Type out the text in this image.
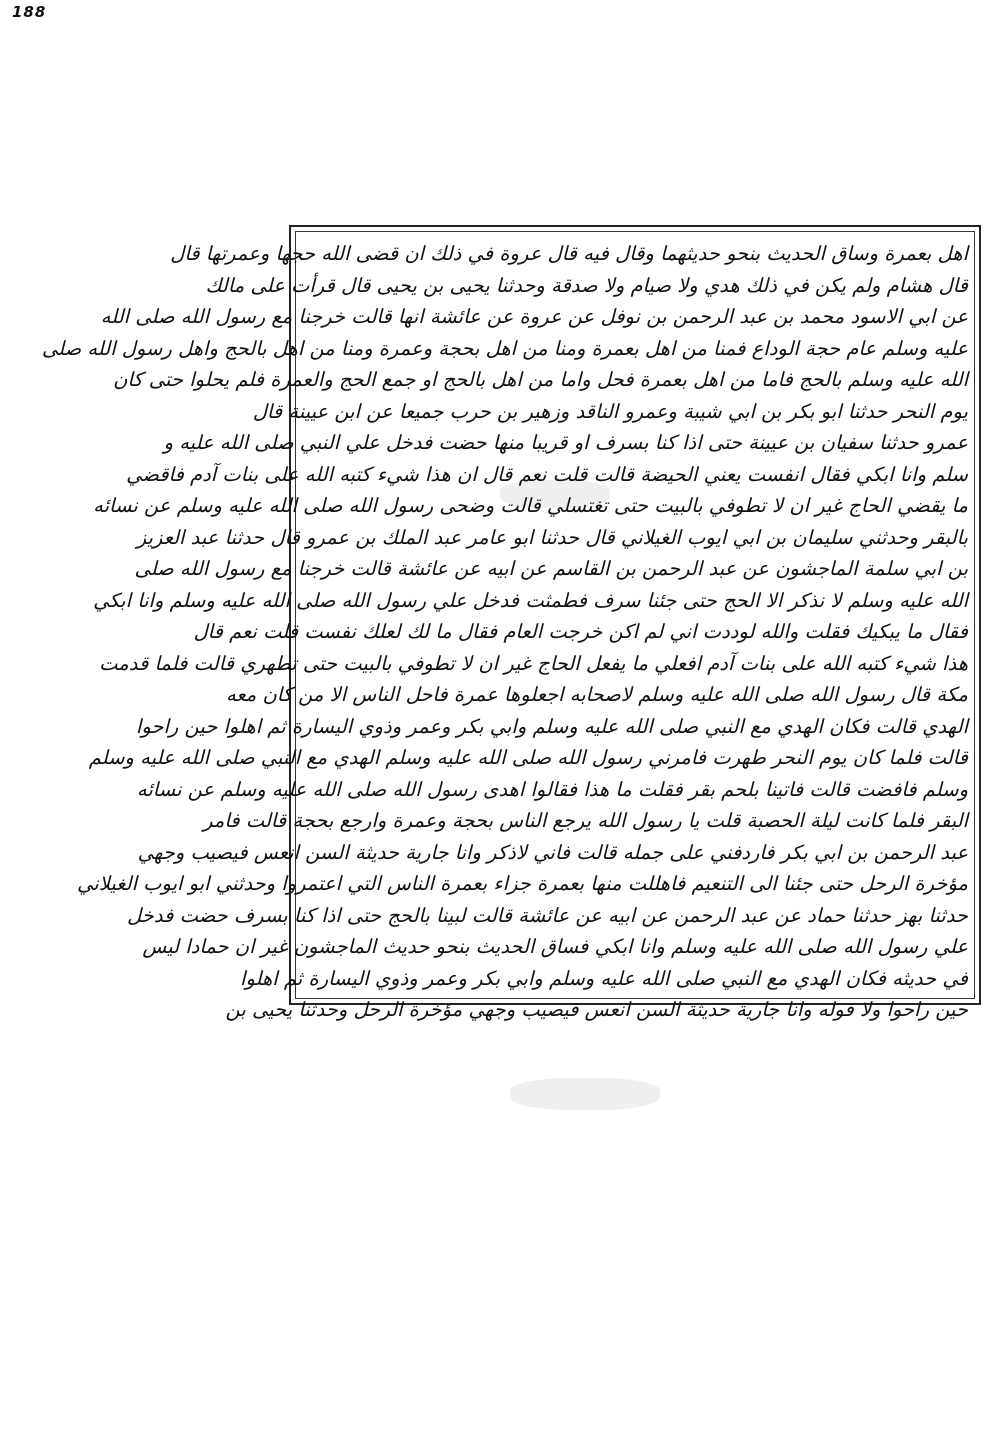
188
اهل بعمرة وساق الحديث بنحو حديثهما وقال فيه قال عروة في ذلك ان قضى الله حجها وعمرتها قال
قال هشام ولم يكن في ذلك هدي ولا صيام ولا صدقة وحدثنا يحيى بن يحيى قال قرأت على مالك
عن ابي الاسود محمد بن عبد الرحمن بن نوفل عن عروة عن عائشة انها قالت خرجنا مع رسول الله صلى الله
عليه وسلم عام حجة الوداع فمنا من اهل بعمرة ومنا من اهل بحجة وعمرة ومنا من اهل بالحج واهل رسول الله صلى
الله عليه وسلم بالحج فاما من اهل بعمرة فحل واما من اهل بالحج او جمع الحج والعمرة فلم يحلوا حتى كان
يوم النحر حدثنا ابو بكر بن ابي شيبة وعمرو الناقد وزهير بن حرب جميعا عن ابن عيينة قال
عمرو حدثنا سفيان بن عيينة حتى اذا كنا بسرف او قريبا منها حضت فدخل علي النبي صلى الله عليه و
سلم وانا ابكي فقال انفست يعني الحيضة قالت قلت نعم قال ان هذا شيء كتبه الله على بنات آدم فاقضي
ما يقضي الحاج غير ان لا تطوفي بالبيت حتى تغتسلي قالت وضحى رسول الله صلى الله عليه وسلم عن نسائه
بالبقر وحدثني سليمان بن ابي ايوب الغيلاني قال حدثنا ابو عامر عبد الملك بن عمرو قال حدثنا عبد العزيز
بن ابي سلمة الماجشون عن عبد الرحمن بن القاسم عن ابيه عن عائشة قالت خرجنا مع رسول الله صلى
الله عليه وسلم لا نذكر الا الحج حتى جئنا سرف فطمثت فدخل علي رسول الله صلى الله عليه وسلم وانا ابكي
فقال ما يبكيك فقلت والله لوددت اني لم اكن خرجت العام فقال ما لك لعلك نفست قلت نعم قال
هذا شيء كتبه الله على بنات آدم افعلي ما يفعل الحاج غير ان لا تطوفي بالبيت حتى تطهري قالت فلما قدمت
مكة قال رسول الله صلى الله عليه وسلم لاصحابه اجعلوها عمرة فاحل الناس الا من كان معه
الهدي قالت فكان الهدي مع النبي صلى الله عليه وسلم وابي بكر وعمر وذوي اليسارة ثم اهلوا حين راحوا
قالت فلما كان يوم النحر طهرت فامرني رسول الله صلى الله عليه وسلم الهدي مع النبي صلى الله عليه وسلم
وسلم فافضت قالت فاتينا بلحم بقر فقلت ما هذا فقالوا اهدى رسول الله صلى الله عليه وسلم عن نسائه
البقر فلما كانت ليلة الحصبة قلت يا رسول الله يرجع الناس بحجة وعمرة وارجع بحجة قالت فامر
عبد الرحمن بن ابي بكر فاردفني على جمله قالت فاني لاذكر وانا جارية حديثة السن انعس فيصيب وجهي
مؤخرة الرحل حتى جئنا الى التنعيم فاهللت منها بعمرة جزاء بعمرة الناس التي اعتمروا وحدثني ابو ايوب الغيلاني
حدثنا بهز حدثنا حماد عن عبد الرحمن عن ابيه عن عائشة قالت لبينا بالحج حتى اذا كنا بسرف حضت فدخل
علي رسول الله صلى الله عليه وسلم وانا ابكي فساق الحديث بنحو حديث الماجشون غير ان حمادا ليس
في حديثه فكان الهدي مع النبي صلى الله عليه وسلم وابي بكر وعمر وذوي اليسارة ثم اهلوا
حين راحوا ولا قوله وانا جارية حديثة السن انعس فيصيب وجهي مؤخرة الرحل وحدثنا يحيى بن
